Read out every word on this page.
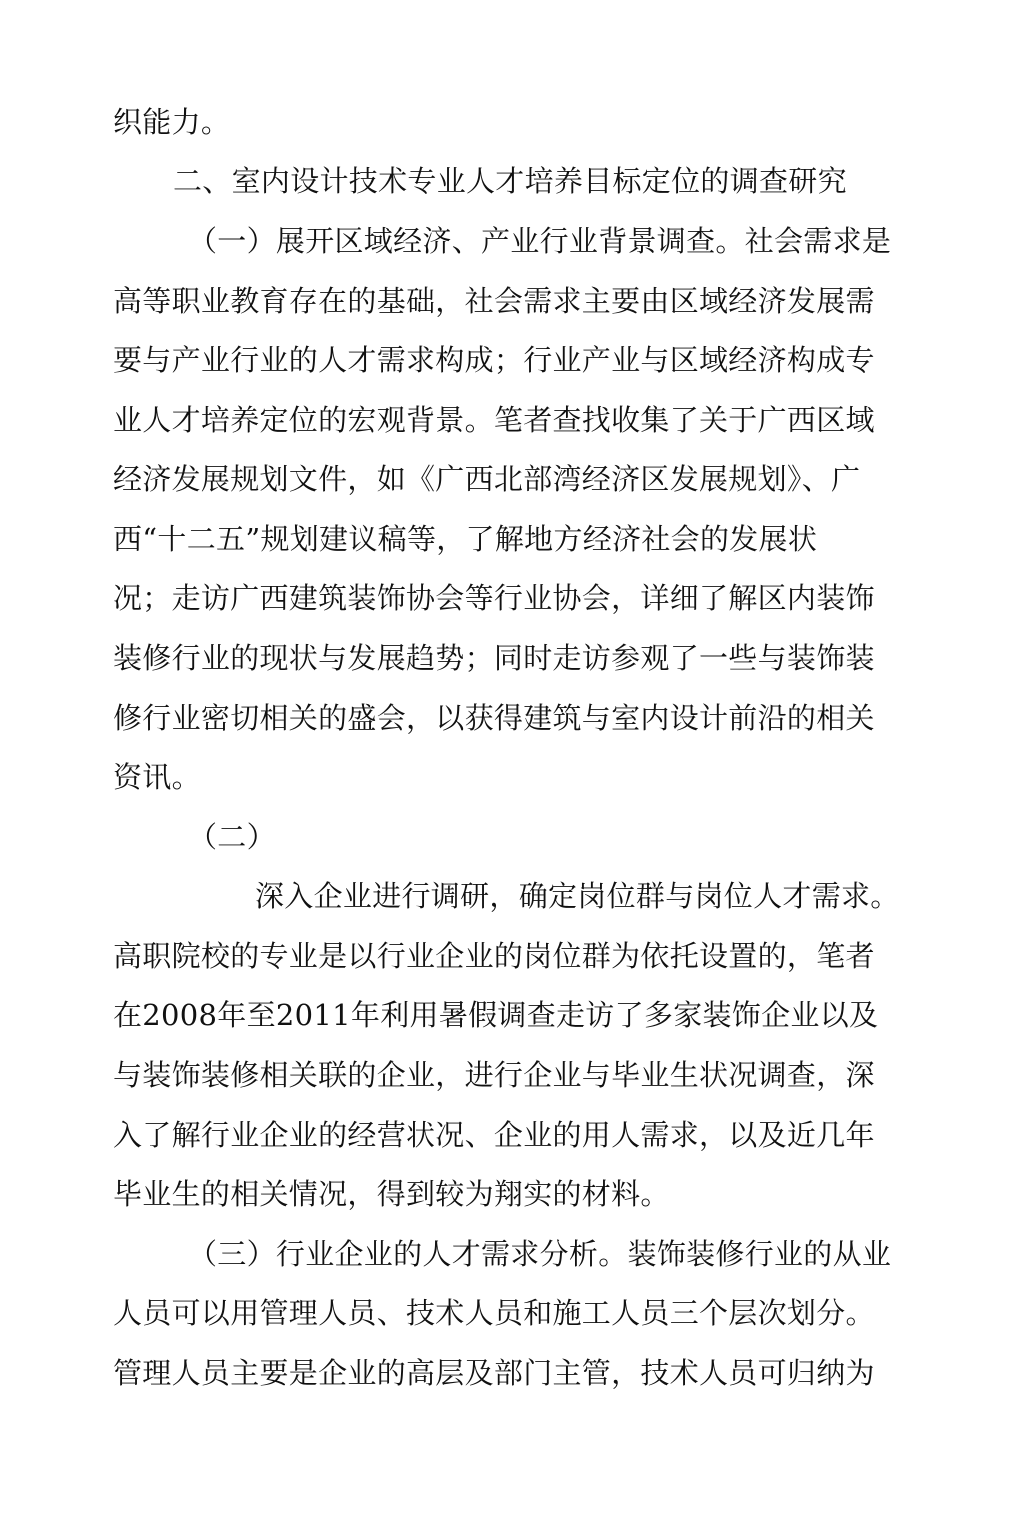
织能力。
二、室内设计技术专业人才培养目标定位的调查研究
（一）展开区域经济、产业行业背景调查。社会需求是
高等职业教育存在的基础，社会需求主要由区域经济发展需
要与产业行业的人才需求构成；行业产业与区域经济构成专
业人才培养定位的宏观背景。笔者查找收集了关于广西区域
经济发展规划文件，如《广西北部湾经济区发展规划》、广
西“十二五”规划建议稿等，了解地方经济社会的发展状
况；走访广西建筑装饰协会等行业协会，详细了解区内装饰
装修行业的现状与发展趋势；同时走访参观了一些与装饰装
修行业密切相关的盛会，以获得建筑与室内设计前沿的相关
资讯。
（二）
深入企业进行调研，确定岗位群与岗位人才需求。
高职院校的专业是以行业企业的岗位群为依托设置的，笔者
在2008年至2011年利用暑假调查走访了多家装饰企业以及
与装饰装修相关联的企业，进行企业与毕业生状况调查，深
入了解行业企业的经营状况、企业的用人需求，以及近几年
毕业生的相关情况，得到较为翔实的材料。
（三）行业企业的人才需求分析。装饰装修行业的从业
人员可以用管理人员、技术人员和施工人员三个层次划分。
管理人员主要是企业的高层及部门主管，技术人员可归纳为
